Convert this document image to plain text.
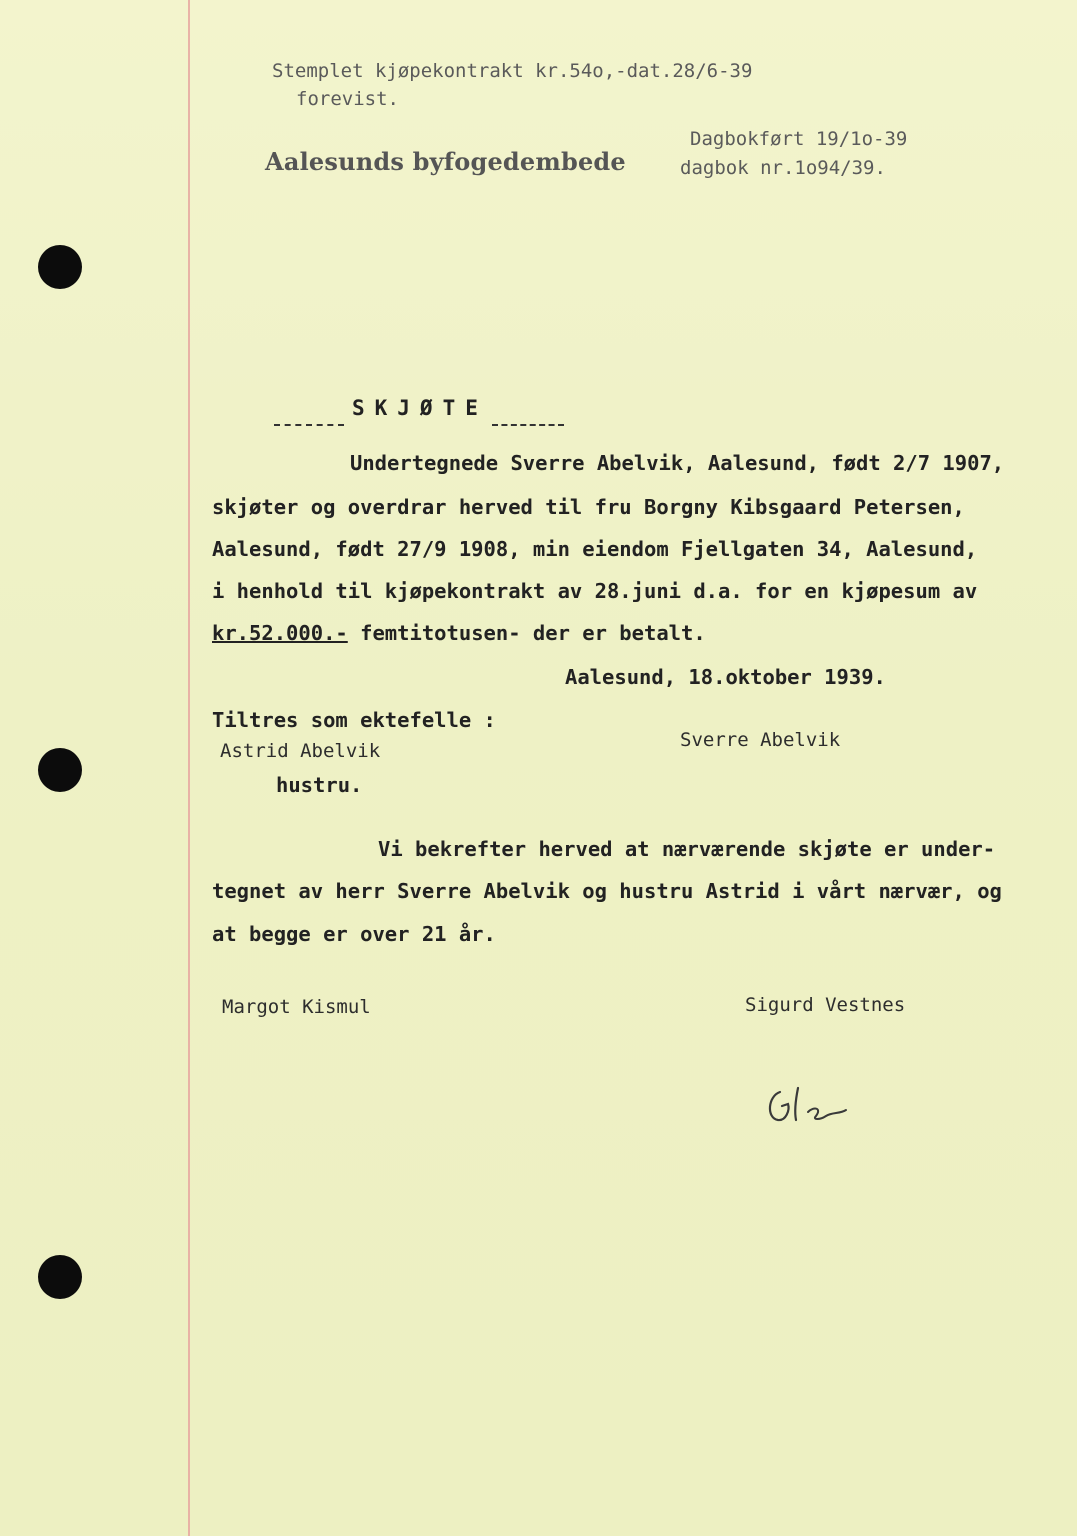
Stemplet kjøpekontrakt kr.54o,-dat.28/6-39
forevist.
Aalesunds byfogedembede
Dagbokført 19/1o-39
dagbok nr.1o94/39.
SKJØTE
Undertegnede Sverre Abelvik, Aalesund, født 2/7 1907,
skjøter og overdrar herved til fru Borgny Kibsgaard Petersen,
Aalesund, født 27/9 1908, min eiendom Fjellgaten 34, Aalesund,
i henhold til kjøpekontrakt av 28.juni d.a. for en kjøpesum av
kr.52.000.- femtitotusen- der er betalt.
Aalesund, 18.oktober 1939.
Tiltres som ektefelle :
Astrid Abelvik
hustru.
Sverre Abelvik
Vi bekrefter herved at nærværende skjøte er under-
tegnet av herr Sverre Abelvik og hustru Astrid i vårt nærvær, og
at begge er over 21 år.
Margot Kismul	Sigurd Vestnes
